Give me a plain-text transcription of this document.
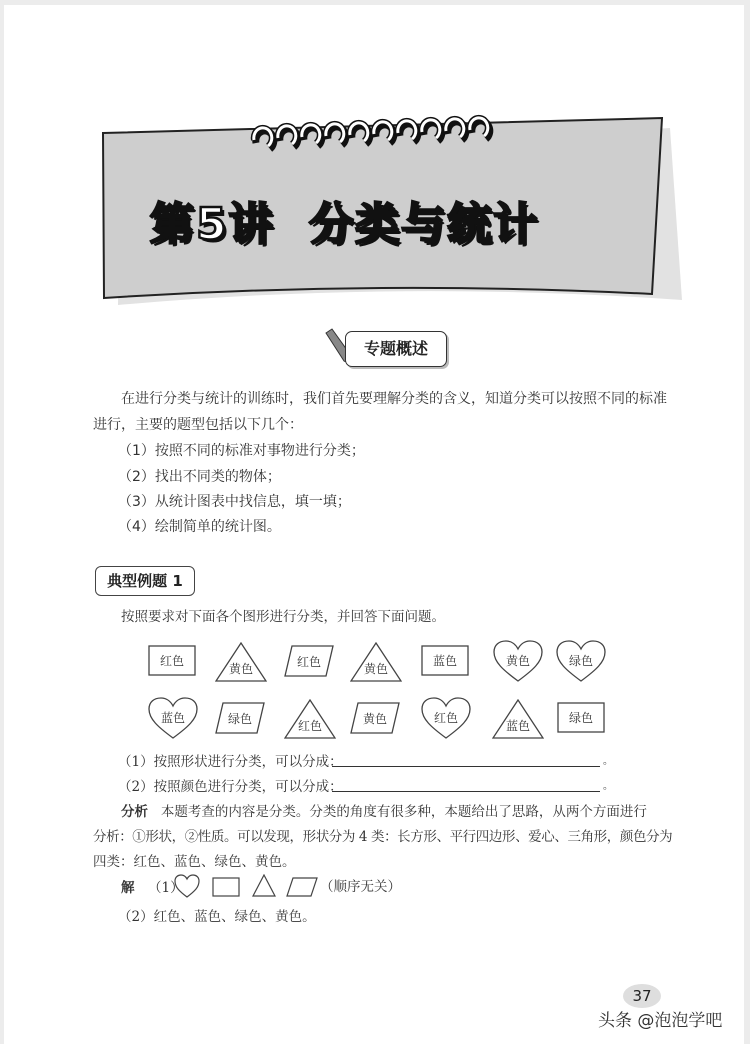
第5讲  分类与统计
专题概述
在进行分类与统计的训练时，我们首先要理解分类的含义，知道分类可以按照不同的标准
进行，主要的题型包括以下几个：
（1）按照不同的标准对事物进行分类；
（2）找出不同类的物体；
（3）从统计图表中找信息，填一填；
（4）绘制简单的统计图。
典型例题 1
按照要求对下面各个图形进行分类，并回答下面问题。
红色
黄色	红色	黄色
蓝色	黄色	绿色
蓝色	绿色	红色	黄色	红色
蓝色
绿色
（1）按照形状进行分类，可以分成：	。
（2）按照颜色进行分类，可以分成：	。
分析 本题考查的内容是分类。分类的角度有很多种，本题给出了思路，从两个方面进行
分析：①形状，②性质。可以发现，形状分为 4 类：长方形、平行四边形、爱心、三角形，颜色分为
四类：红色、蓝色、绿色、黄色。
解 （1）	（顺序无关）
（2）红色、蓝色、绿色、黄色。
37
头条 @泡泡学吧
